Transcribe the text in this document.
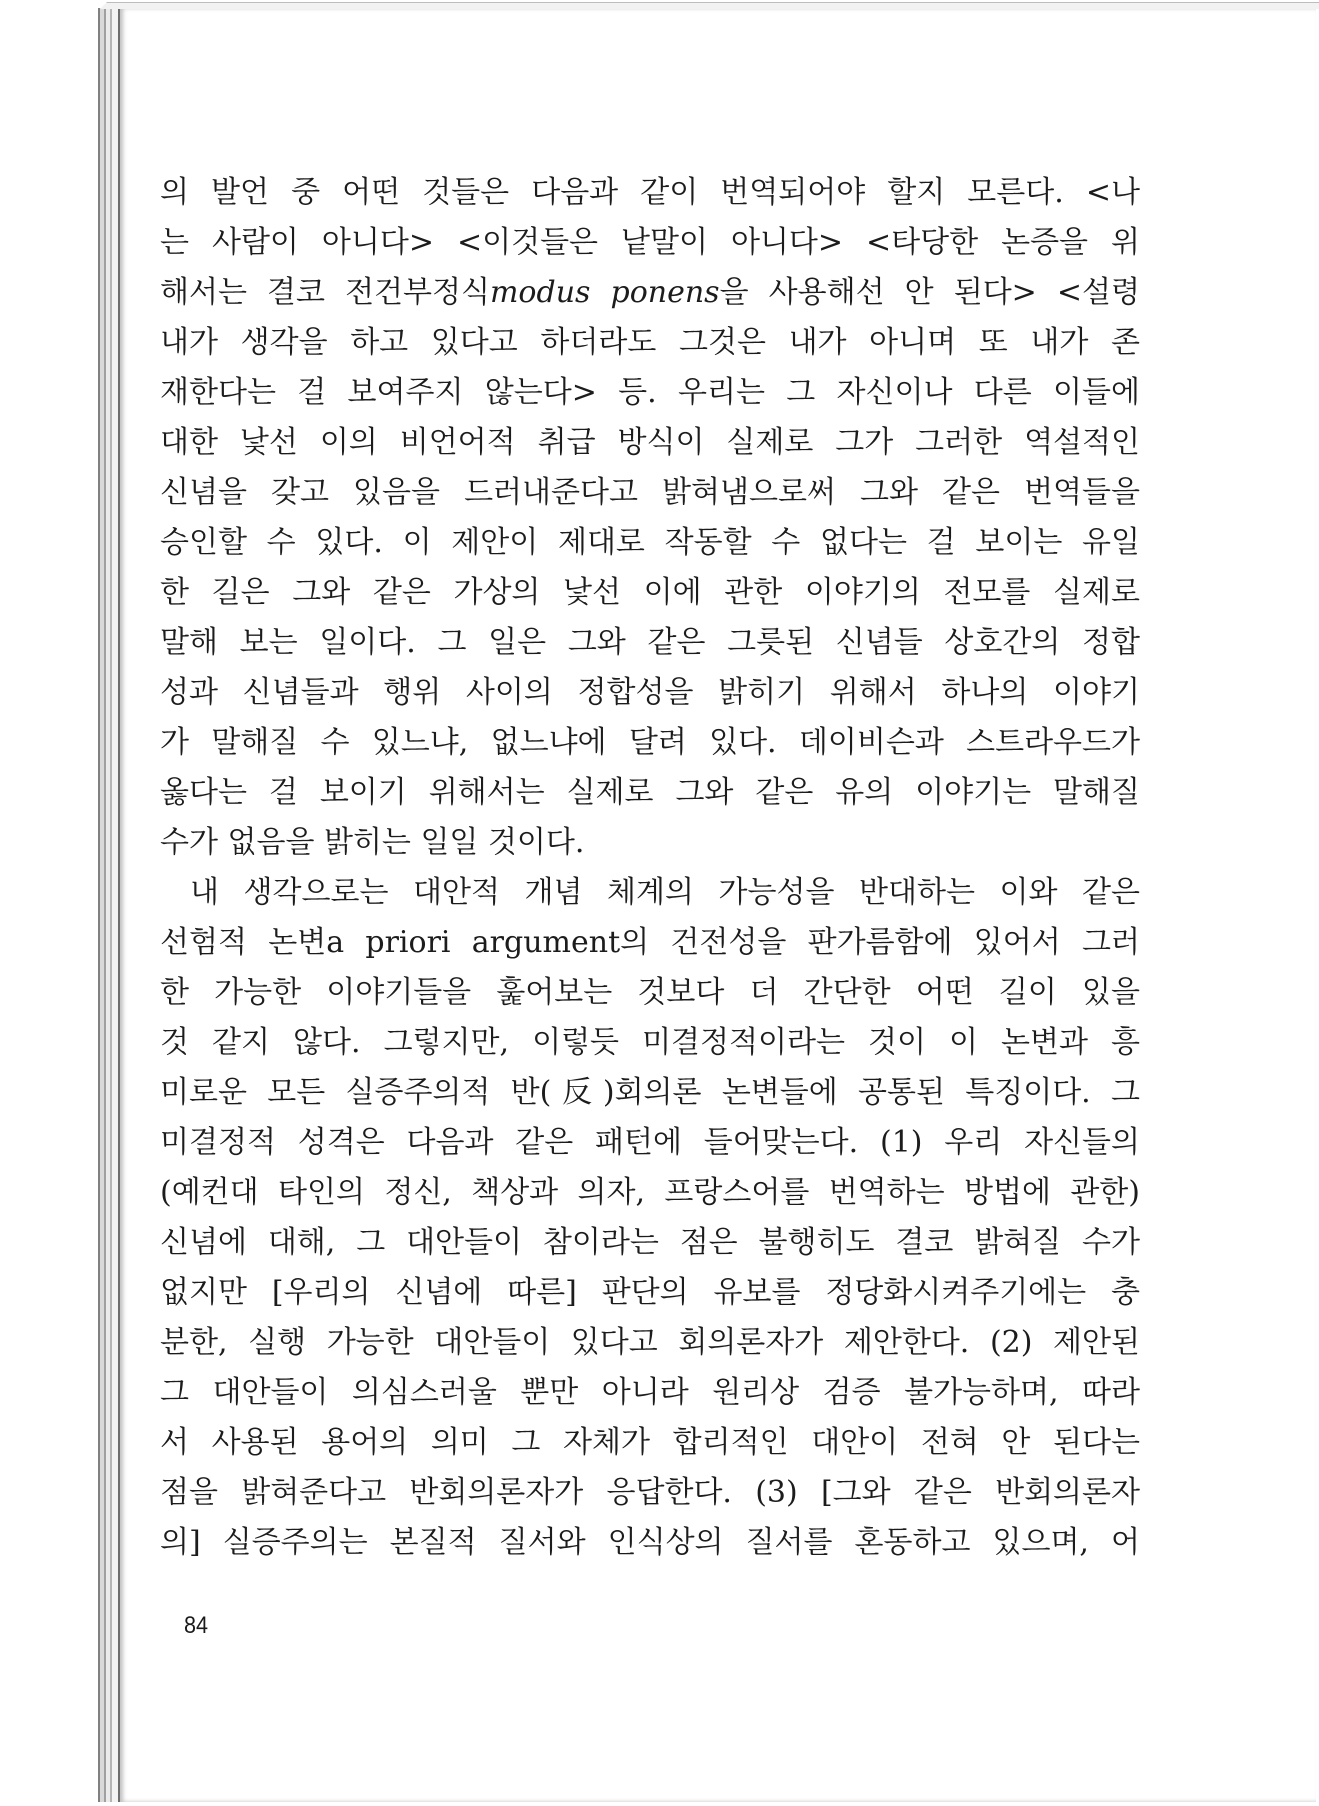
의 발언 중 어떤 것들은 다음과 같이 번역되어야 할지 모른다. <나
는 사람이 아니다> <이것들은 낱말이 아니다> <타당한 논증을 위
해서는 결코 전건부정식modus ponens을 사용해선 안 된다> <설령
내가 생각을 하고 있다고 하더라도 그것은 내가 아니며 또 내가 존
재한다는 걸 보여주지 않는다> 등. 우리는 그 자신이나 다른 이들에
대한 낯선 이의 비언어적 취급 방식이 실제로 그가 그러한 역설적인
신념을 갖고 있음을 드러내준다고 밝혀냄으로써 그와 같은 번역들을
승인할 수 있다. 이 제안이 제대로 작동할 수 없다는 걸 보이는 유일
한 길은 그와 같은 가상의 낯선 이에 관한 이야기의 전모를 실제로
말해 보는 일이다. 그 일은 그와 같은 그릇된 신념들 상호간의 정합
성과 신념들과 행위 사이의 정합성을 밝히기 위해서 하나의 이야기
가 말해질 수 있느냐, 없느냐에 달려 있다. 데이비슨과 스트라우드가
옳다는 걸 보이기 위해서는 실제로 그와 같은 유의 이야기는 말해질
수가 없음을 밝히는 일일 것이다.
내 생각으로는 대안적 개념 체계의 가능성을 반대하는 이와 같은
선험적 논변a priori argument의 건전성을 판가름함에 있어서 그러
한 가능한 이야기들을 훑어보는 것보다 더 간단한 어떤 길이 있을
것 같지 않다. 그렇지만, 이렇듯 미결정적이라는 것이 이 논변과 흥
미로운 모든 실증주의적 반(反)회의론 논변들에 공통된 특징이다. 그
미결정적 성격은 다음과 같은 패턴에 들어맞는다. (1) 우리 자신들의
(예컨대 타인의 정신, 책상과 의자, 프랑스어를 번역하는 방법에 관한)
신념에 대해, 그 대안들이 참이라는 점은 불행히도 결코 밝혀질 수가
없지만 [우리의 신념에 따른] 판단의 유보를 정당화시켜주기에는 충
분한, 실행 가능한 대안들이 있다고 회의론자가 제안한다. (2) 제안된
그 대안들이 의심스러울 뿐만 아니라 원리상 검증 불가능하며, 따라
서 사용된 용어의 의미 그 자체가 합리적인 대안이 전혀 안 된다는
점을 밝혀준다고 반회의론자가 응답한다. (3) [그와 같은 반회의론자
의] 실증주의는 본질적 질서와 인식상의 질서를 혼동하고 있으며, 어
84
